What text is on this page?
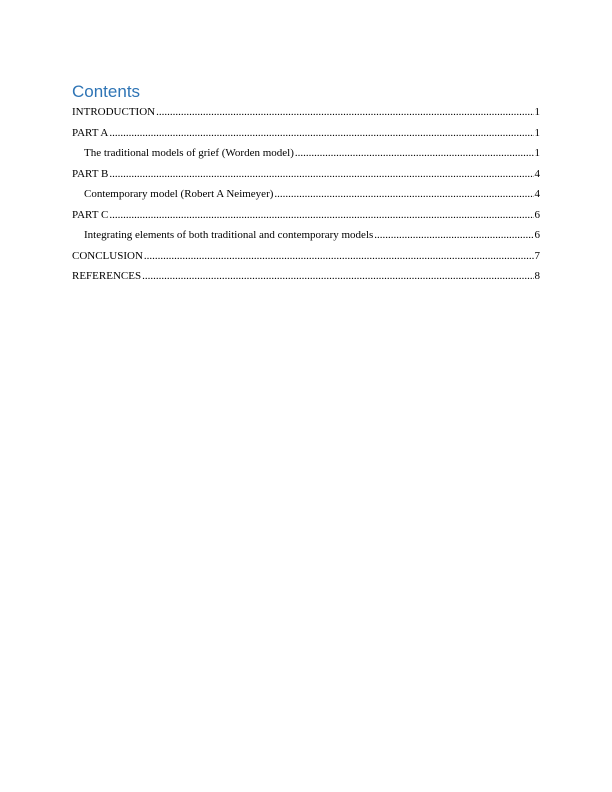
Contents
INTRODUCTION .....	1
PART A .....	1
The traditional models of grief (Worden model) .....	1
PART B .....	4
Contemporary model (Robert A Neimeyer) .....	4
PART C .....	6
Integrating elements of both traditional and contemporary models .....	6
CONCLUSION .....	7
REFERENCES .....	8
